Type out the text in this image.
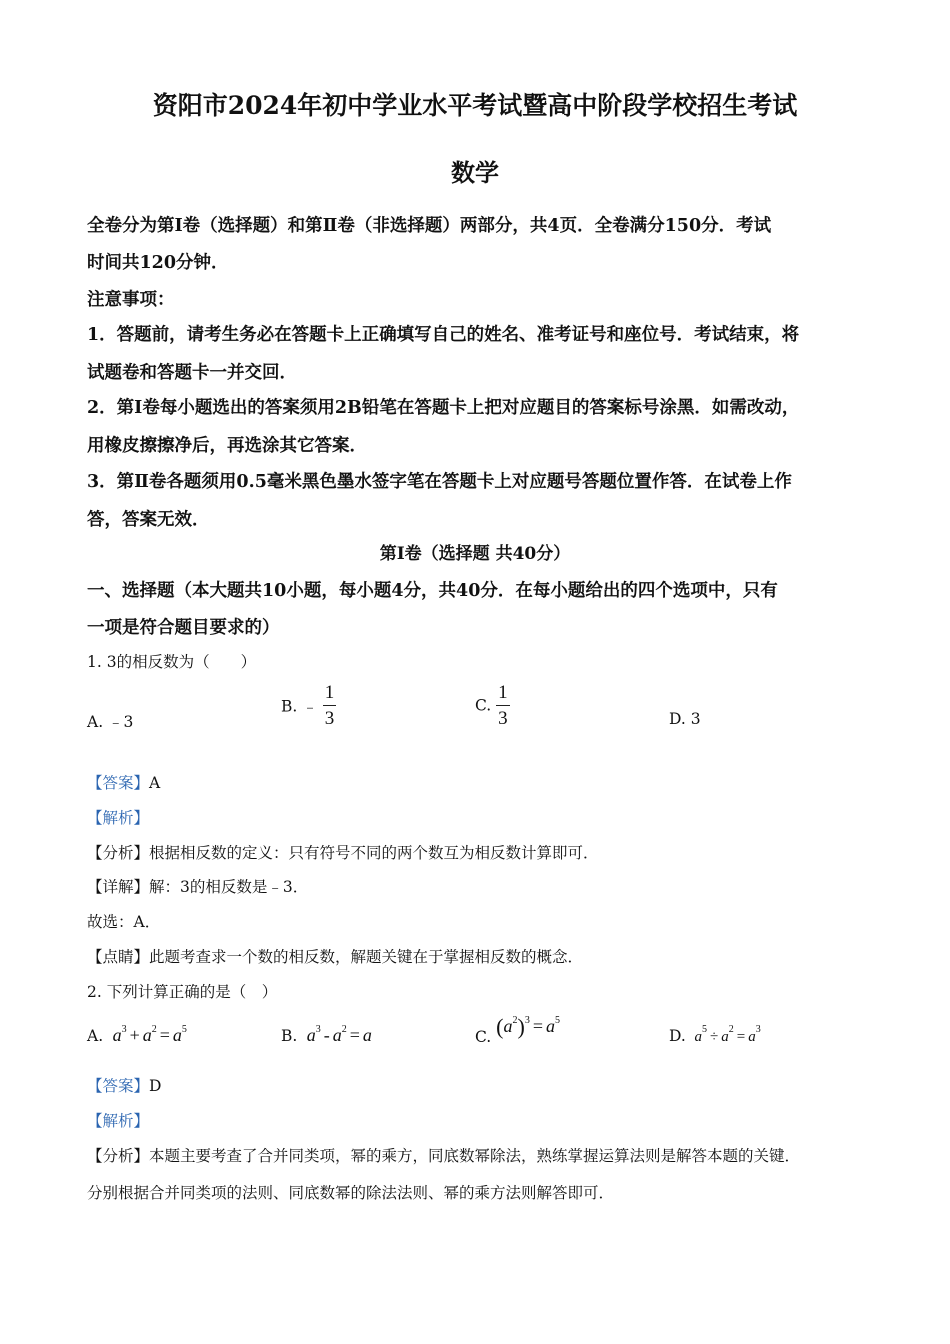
资阳市2024年初中学业水平考试暨高中阶段学校招生考试
数学
全卷分为第Ⅰ卷（选择题）和第Ⅱ卷（非选择题）两部分，共4页．全卷满分150分．考试
时间共120分钟．
注意事项：
1．答题前，请考生务必在答题卡上正确填写自己的姓名、准考证号和座位号．考试结束，将
试题卷和答题卡一并交回．
2．第Ⅰ卷每小题选出的答案须用2B铅笔在答题卡上把对应题目的答案标号涂黑．如需改动，
用橡皮擦擦净后，再选涂其它答案．
3．第Ⅱ卷各题须用0.5毫米黑色墨水签字笔在答题卡上对应题号答题位置作答．在试卷上作
答，答案无效．
第Ⅰ卷（选择题 共40分）
一、选择题（本大题共10小题，每小题4分，共40分．在每小题给出的四个选项中，只有
一项是符合题目要求的）
1. 3的相反数为（　　）
A. ﹣3
B. ﹣ $\frac{1}{3}$	C. $\frac{1}{3}$	D. 3
【答案】A
【解析】
【分析】根据相反数的定义：只有符号不同的两个数互为相反数计算即可．
【详解】解：3的相反数是﹣3．
故选：A．
【点睛】此题考查求一个数的相反数，解题关键在于掌握相反数的概念．
2. 下列计算正确的是（　）
A.  $a^3 + a^2 = a^5$	B.  $a^3 - a^2 = a$	C. $(a^2)^3 = a^5$
D.  $a^5 \div a^2 = a^3$
【答案】D
【解析】
【分析】本题主要考查了合并同类项，幂的乘方，同底数幂除法，熟练掌握运算法则是解答本题的关键．
分别根据合并同类项的法则、同底数幂的除法法则、幂的乘方法则解答即可．
